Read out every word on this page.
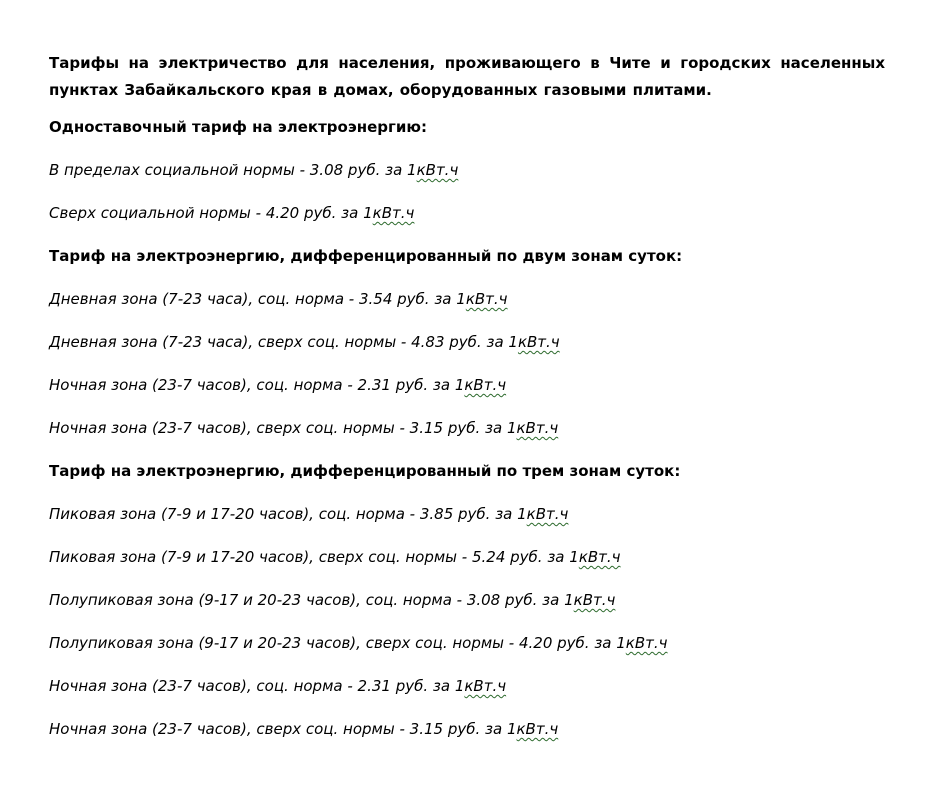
Тарифы на электричество для населения, проживающего в Чите и городских населенных пунктах Забайкальского края в домах, оборудованных газовыми плитами.

Одноставочный тариф на электроэнергию:

В пределах социальной нормы - 3.08 руб. за 1 кВт.ч

Сверх социальной нормы - 4.20 руб. за 1 кВт.ч

Тариф на электроэнергию, дифференцированный по двум зонам суток:

Дневная зона (7-23 часа), соц. норма - 3.54 руб. за 1 кВт.ч

Дневная зона (7-23 часа), сверх соц. нормы - 4.83 руб. за 1 кВт.ч

Ночная зона (23-7 часов), соц. норма - 2.31 руб. за 1 кВт.ч

Ночная зона (23-7 часов), сверх соц. нормы - 3.15 руб. за 1 кВт.ч

Тариф на электроэнергию, дифференцированный по трем зонам суток:

Пиковая зона (7-9 и 17-20 часов), соц. норма - 3.85 руб. за 1 кВт.ч

Пиковая зона (7-9 и 17-20 часов), сверх соц. нормы - 5.24 руб. за 1 кВт.ч

Полупиковая зона (9-17 и 20-23 часов), соц. норма - 3.08 руб. за 1 кВт.ч

Полупиковая зона (9-17 и 20-23 часов), сверх соц. нормы - 4.20 руб. за 1 кВт.ч

Ночная зона (23-7 часов), соц. норма - 2.31 руб. за 1 кВт.ч

Ночная зона (23-7 часов), сверх соц. нормы - 3.15 руб. за 1 кВт.ч
